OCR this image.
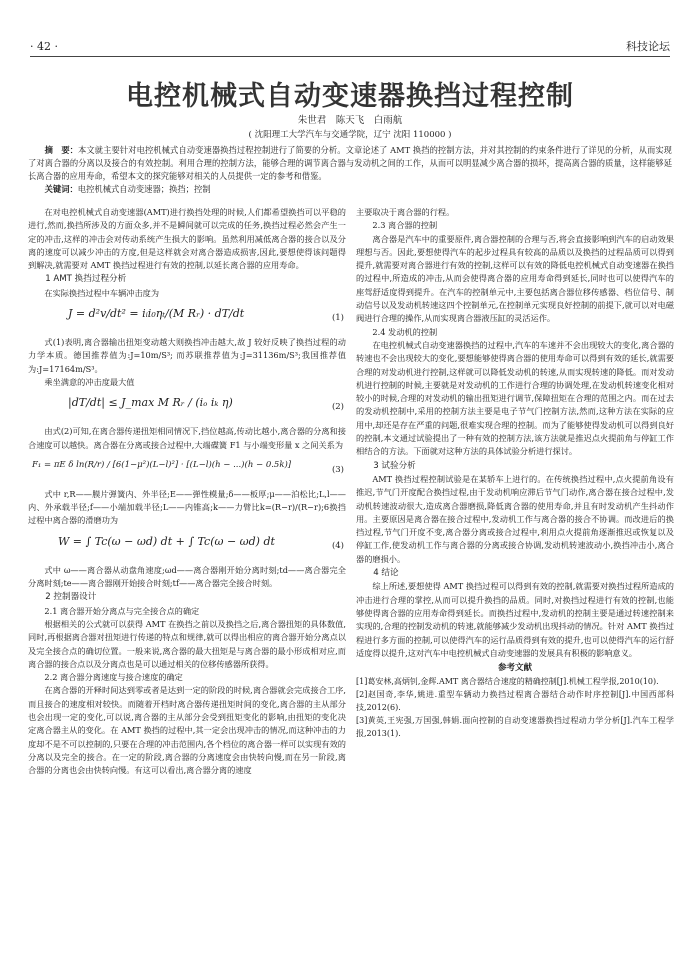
· 42 ·	科技论坛
电控机械式自动变速器换挡过程控制
朱世君　陈天飞　白雨航
( 沈阳理工大学汽车与交通学院，辽宁 沈阳 110000 )
摘　要：本文就主要针对电控机械式自动变速器换挡过程控制进行了简要的分析。文章论述了 AMT 换挡的控制方法，并对其控制的约束条件进行了详见的分析，从而实现了对离合器的分离以及接合的有效控制。利用合理的控制方法，能够合理的调节离合器与发动机之间的工作，从而可以明显减少离合器的损坏，提高离合器的质量，这样能够延长离合器的应用寿命，希望本文的探究能够对相关的人员提供一定的参考和借鉴。
关键词：电控机械式自动变速器；换挡；控制

在对电控机械式自动变速器(AMT)进行换挡处理的时候,人们都希望换挡可以平稳的进行,然而,换挡所涉及的方面众多,并不是瞬间就可以完成的任务,换挡过程必然会产生一定的冲击,这样的冲击会对传动系统产生损大的影响。虽然利用减低离合器的接合以及分离的速度可以减少冲击的方度,但是这样就会对离合器造成损害,因此,要想使得该问题得到解决,就需要对 AMT 换挡过程进行有效的控制,以延长离合器的应用寿命。

1 AMT 换挡过程分析

在实际换挡过程中车辆冲击度为

J = d²v/dt² = iᵢi₀ηₜ/(M Rᵣ) · dT/dt	(1)

式(1)表明,离合器输出扭矩变动越大则换挡冲击越大,故 J 较好反映了换挡过程的动力学本质。德国推荐值为:J=10m/S³; 而苏联推荐值为:J=31136m/S³;我国推荐值为:J=17164m/S³。

乘坐满意的冲击度最大值

|dT/dt| ≤ J_max M Rᵣ / (iₒ iₖ η)	(2)

由式(2)可知,在离合器传递扭矩相同情况下,挡位越高,传动比越小,离合器的分离和接合速度可以越快。离合器在分离或接合过程中,大端碟簧 F1 与小端变形量 x 之间关系为

F₁ = πE δ ln(R/r) / [6(1−μ²)(L−l)²] · [(L−l)(h − ...)(h − 0.5k)]	(3)

式中 r,R——膜片弹簧内、外半径;E——弹性模量;δ——板厚;μ——泊松比;L,l——内、外承载半径;f——小端加载半径;L——内锥高;k——力臂比k=(R−r)/(R−r);6换挡过程中离合器的滑磨功为

W = ∫ Tc(ω − ωd) dt + ∫ Tc(ω − ωd) dt	(4)

式中 ω——离合器从动盘角速度;ωd——离合器刚开始分离时刻;td——离合器完全分离时刻;te——离合器刚开始接合时刻;tf——离合器完全接合时刻。

2 控制器设计
2.1 离合器开始分离点与完全接合点的确定

根据相关的公式就可以获得 AMT 在换挡之前以及换挡之后,离合器扭矩的具体数值,同时,再根据离合器对扭矩进行传递的特点和规律,就可以得出相应的离合器开始分离点以及完全接合点的确切位置。一般来说,离合器的最大扭矩是与离合器的最小形成相对应,而离合器的接合点以及分离点也是可以通过相关的位移传感器所获得。

2.2 离合器分离速度与接合速度的确定

在离合器的开释时间达到零或者是达到一定的阶段的时候,离合器就会完成接合工序,而且接合的速度相对较快。而随着开档时离合器传递扭矩时间的变化,离合器的主从部分也会出现一定的变化,可以说,离合器的主从部分会受到扭矩变化的影响,由扭矩的变化决定离合器主从的变化。在 AMT 换挡的过程中,其一定会出现冲击的情况,而这种冲击的力度却不是不可以控制的,只要在合理的冲击范围内,各个档位的离合器一样可以实现有效的分离以及完全的接合。在一定的阶段,离合器的分离速度会由快转向慢,而在另一阶段,离合器的分离也会由快转向慢。有这可以看出,离合器分离的速度

主要取决于离合器的行程。

2.3 离合器的控制

离合器是汽车中的重要原件,离合器控制的合理与否,将会直接影响到汽车的启动效果理想与否。因此,要想使得汽车的起步过程具有较高的品质以及换挡的过程品质可以得到提升,就需要对离合器进行有效的控制,这样可以有效的降低电控机械式自动变速器在换挡的过程中,所造成的冲击,从而会使得离合器的应用寿命得到延长,同时也可以使得汽车的座驾舒适度得到提升。在汽车的控制单元中,主要包括离合器位移传感器、档位信号、制动信号以及发动机转速这四个控制单元,在控制单元实现良好控制的前提下,就可以对电磁阀进行合理的操作,从而实现离合器液压缸的灵活运作。

2.4 发动机的控制

在电控机械式自动变速器换挡的过程中,汽车的车速并不会出现较大的变化,离合器的转速也不会出现较大的变化,要想能够使得离合器的使用寿命可以得到有效的延长,就需要合理的对发动机进行控制,这样就可以降低发动机的转速,从而实现转速的降低。而对发动机进行控制的时候,主要就是对发动机的工作进行合理的协调处理,在发动机转速变化相对较小的时候,合理的对发动机的输出扭矩进行调节,保障扭矩在合理的范围之内。而在过去的发动机控制中,采用的控制方法主要是电子节气门控制方法,然而,这种方法在实际的应用中,却还是存在严重的问题,很难实现合理的控制。而为了能够使得发动机可以得到良好的控制,本文通过试验提出了一种有效的控制方法,该方法就是推迟点火提前角与停缸工作相结合的方法。下面就对这种方法的具体试验分析进行探讨。

3 试验分析

AMT 换挡过程控制试验是在某轿车上进行的。在传统换挡过程中,点火提前角设有推迟,节气门开度配合换挡过程,由于发动机响应滞后节气门动作,离合器在接合过程中,发动机转速波动很大,造成离合器磨损,降低离合器的使用寿命,并且有时发动机产生抖动作用。主要原因是离合器在接合过程中,发动机工作与离合器的接合不协调。而改进后的换挡过程,节气门开度不变,离合器分离或接合过程中,利用点火提前角逐渐推迟或恢复以及停缸工作,使发动机工作与离合器的分离或接合协调,发动机转速波动小,换挡冲击小,离合器的磨损小。

4 结论

综上所述,要想使得 AMT 换挡过程可以得到有效的控制,就需要对换挡过程所造成的冲击进行合理的掌控,从而可以提升换挡的品质。同时,对换挡过程进行有效的控制,也能够使得离合器的应用寿命得到延长。而换挡过程中,发动机的控制主要是通过转速控制来实现的,合理的控制发动机的转速,就能够减少发动机出现抖动的情况。针对 AMT 换挡过程进行多方面的控制,可以使得汽车的运行品质得到有效的提升,也可以使得汽车的运行舒适度得以提升,这对汽车中电控机械式自动变速器的发展具有积极的影响意义。

参考文献

[1]葛安林,高炳钊,金辉.AMT 离合器结合速度的精确控制[J].机械工程学报,2010(10).

[2]赵国奇,李华,姚进.重型车辆动力换挡过程离合器结合动作时序控制[J].中国西部科技,2012(6).

[3]黄英,王宪强,万国强,韩娟.面向控制的自动变速器换挡过程动力学分析[J].汽车工程学报,2013(1).
